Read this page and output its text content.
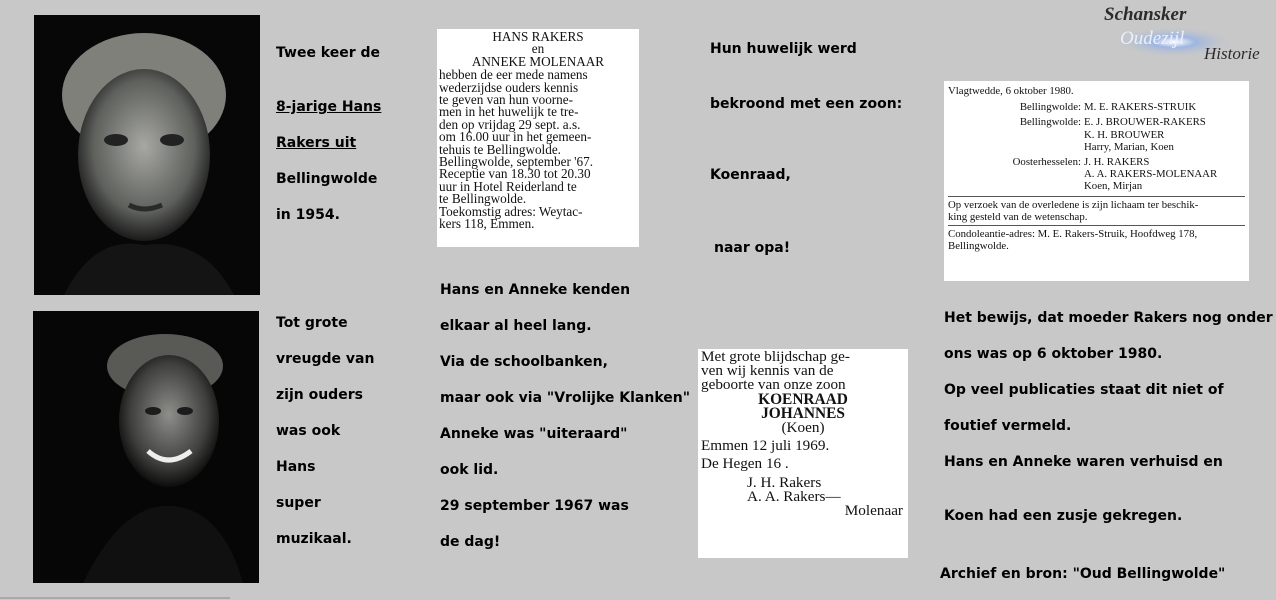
Schansker
Oudezijl
Historie
Twee keer de
8-jarige Hans
Rakers uit
Bellingwolde
in 1954.
Tot grote
vreugde van
zijn ouders
was ook
Hans
super
muzikaal.
HANS RAKERS
en
ANNEKE MOLENAAR
hebben de eer mede namens
wederzijdse ouders kennis
te geven van hun voorne-
men in het huwelijk te tre-
den op vrijdag 29 sept. a.s.
om 16.00 uur in het gemeen-
tehuis te Bellingwolde.
Bellingwolde, september '67.
Receptie van 18.30 tot 20.30
uur in Hotel Reiderland te
te Bellingwolde.
Toekomstig adres: Weytac-
kers 118, Emmen.
Hans en Anneke kenden
elkaar al heel lang.
Via de schoolbanken,
maar ook via "Vrolijke Klanken"
Anneke was "uiteraard"
ook lid.
29 september 1967 was
de dag!
Hun huwelijk werd
bekroond met een zoon:
Koenraad,
naar opa!
Met grote blijdschap ge-
ven wij kennis van de
geboorte van onze zoon
KOENRAAD
JOHANNES
(Koen)
Emmen 12 juli 1969.
De Hegen 16 .
J. H. Rakers
A. A. Rakers—
Molenaar
Vlagtwedde, 6 oktober 1980.
Bellingwolde: M. E. RAKERS-STRUIK
Bellingwolde: E. J. BROUWER-RAKERS
K. H. BROUWER
Harry, Marian, Koen
Oosterhesselen: J. H. RAKERS
A. A. RAKERS-MOLENAAR
Koen, Mirjan
Op verzoek van de overledene is zijn lichaam ter beschik-
king gesteld van de wetenschap.
Condoleantie-adres: M. E. Rakers-Struik, Hoofdweg 178,
Bellingwolde.
Het bewijs, dat moeder Rakers nog onder
ons was op 6 oktober 1980.
Op veel publicaties staat dit niet of
foutief vermeld.
Hans en Anneke waren verhuisd en
Koen had een zusje gekregen.
Archief en bron: "Oud Bellingwolde"
